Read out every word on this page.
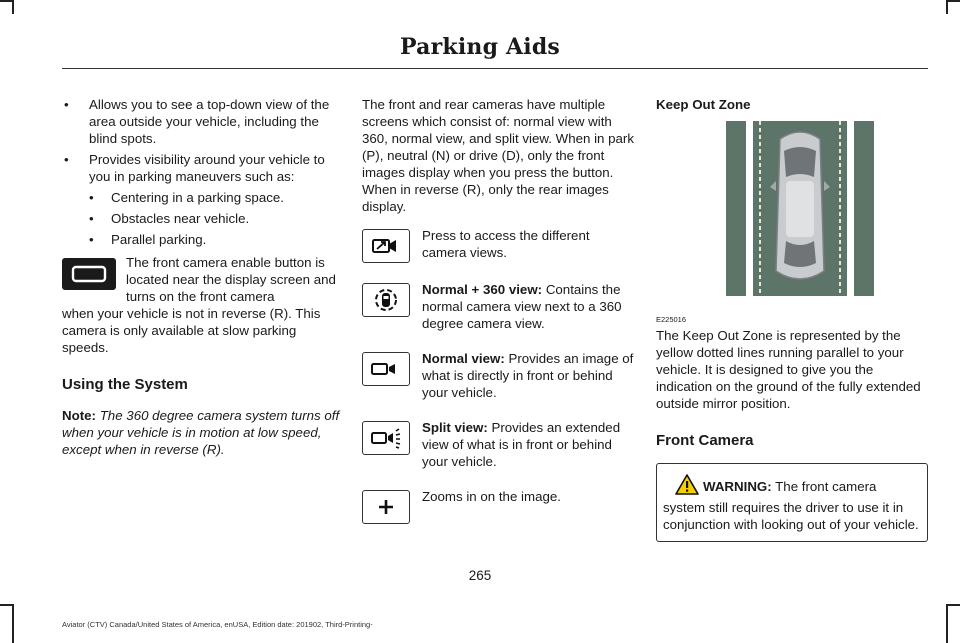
Parking Aids
• Allows you to see a top-down view of the area outside your vehicle, including the blind spots.
• Provides visibility around your vehicle to you in parking maneuvers such as:
• Centering in a parking space.
• Obstacles near vehicle.
• Parallel parking.
The front camera enable button is located near the display screen and turns on the front camera

when your vehicle is not in reverse (R). This camera is only available at slow parking speeds.

Using the System

Note: The 360 degree camera system turns off when your vehicle is in motion at low speed, except when in reverse (R).

The front and rear cameras have multiple screens which consist of: normal view with 360, normal view, and split view. When in park (P), neutral (N) or drive (D), only the front images display when you press the button. When in reverse (R), only the rear images display.

Press to access the different camera views.
Normal + 360 view: Contains the normal camera view next to a 360 degree camera view.
Normal view: Provides an image of what is directly in front or behind your vehicle.
Split view: Provides an extended view of what is in front or behind your vehicle.
Zooms in on the image.
Keep Out Zone
E225016

The Keep Out Zone is represented by the yellow dotted lines running parallel to your vehicle. It is designed to give you the indication on the ground of the fully extended outside mirror position.

Front Camera
WARNING: The front camera system still requires the driver to use it in conjunction with looking out of your vehicle.
265
Aviator (CTV) Canada/United States of America, enUSA, Edition date: 201902, Third-Printing-
